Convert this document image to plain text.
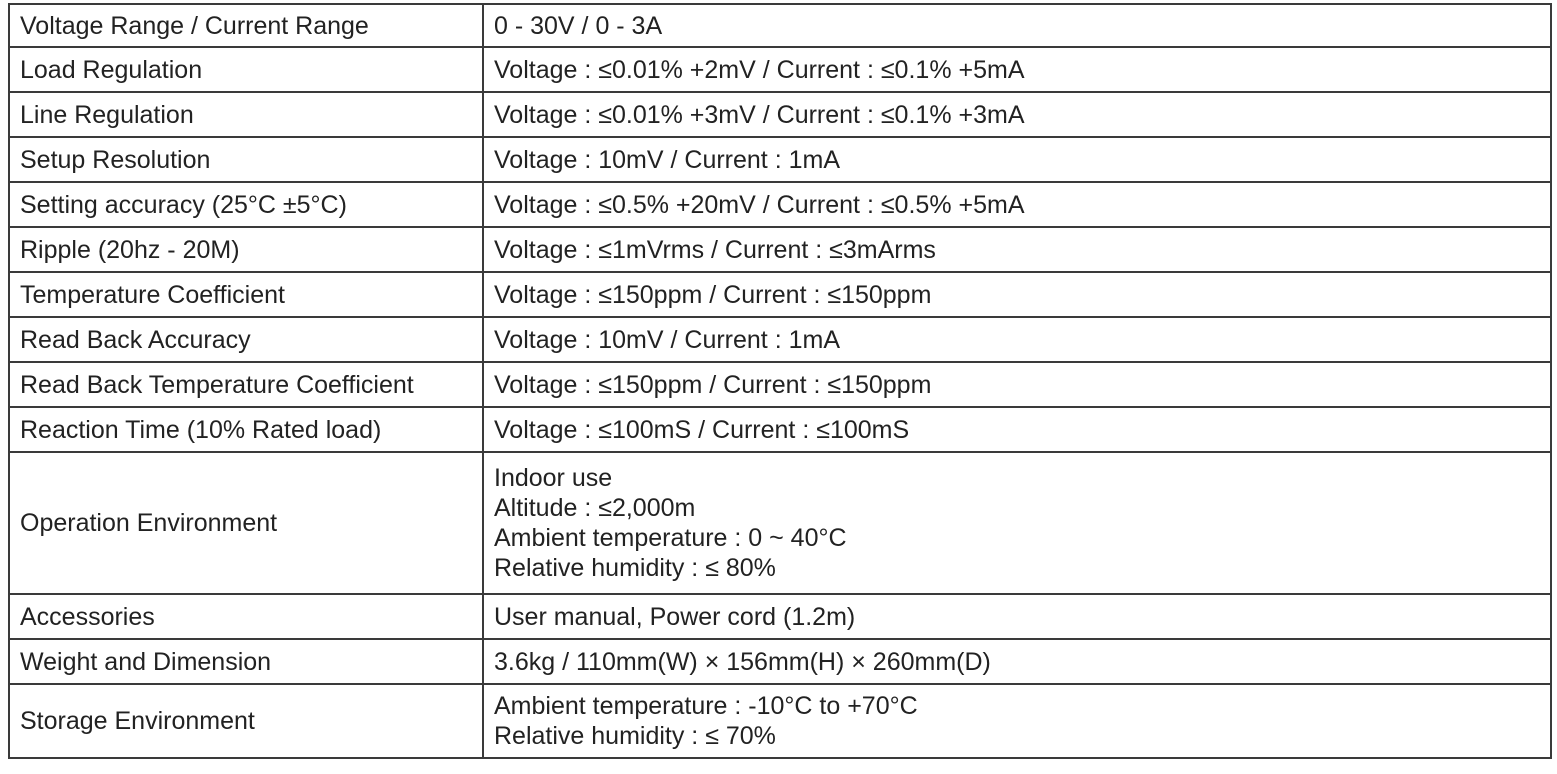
Voltage Range / Current Range	0 - 30V / 0 - 3A
Load Regulation	Voltage : ≤0.01% +2mV / Current : ≤0.1% +5mA
Line Regulation	Voltage : ≤0.01% +3mV / Current : ≤0.1% +3mA
Setup Resolution	Voltage : 10mV / Current : 1mA
Setting accuracy (25°C ±5°C)	Voltage : ≤0.5% +20mV / Current : ≤0.5% +5mA
Ripple (20hz - 20M)	Voltage : ≤1mVrms / Current : ≤3mArms
Temperature Coefficient	Voltage : ≤150ppm / Current : ≤150ppm
Read Back Accuracy	Voltage : 10mV / Current : 1mA
Read Back Temperature Coefficient	Voltage : ≤150ppm / Current : ≤150ppm
Reaction Time (10% Rated load)	Voltage : ≤100mS / Current : ≤100mS
Operation Environment	Indoor use
Altitude : ≤2,000m
Ambient temperature : 0 ~ 40°C
Relative humidity : ≤ 80%

Accessories	User manual, Power cord (1.2m)
Weight and Dimension	3.6kg / 110mm(W) × 156mm(H) × 260mm(D)
Storage Environment	Ambient temperature : -10°C to +70°C
Relative humidity : ≤ 70%
